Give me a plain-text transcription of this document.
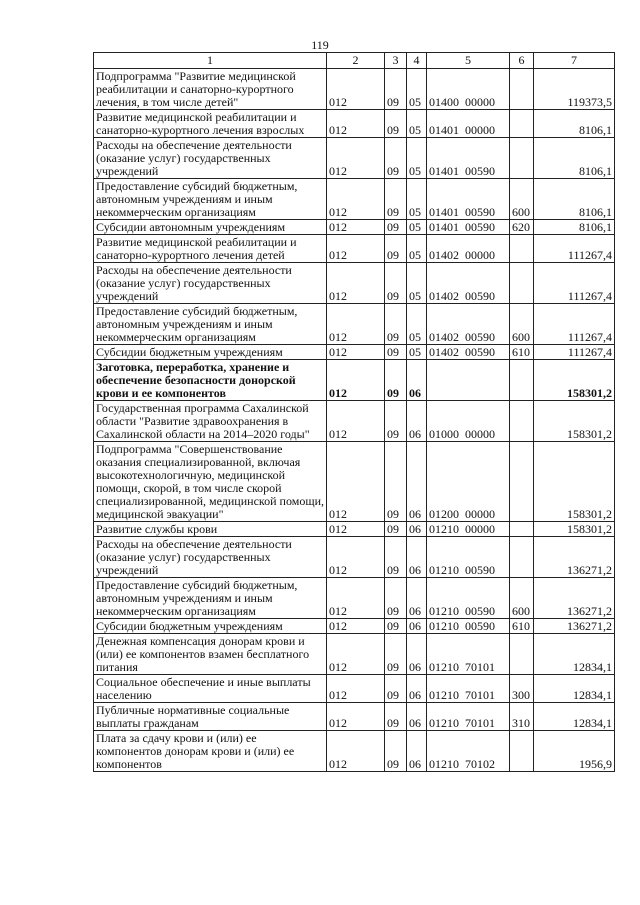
119
1	2	3	4	5	6	7

Подпрограмма "Развитие медицинской реабилитации и санаторно-курортного лечения, в том числе детей"	012	09	05	01400 00000		119373,5

Развитие медицинской реабилитации и санаторно-курортного лечения взрослых	012	09	05	01401 00000		8106,1

Расходы на обеспечение деятельности (оказание услуг) государственных учреждений	012	09	05	01401 00590		8106,1

Предоставление субсидий бюджетным, автономным учреждениям и иным некоммерческим организациям	012	09	05	01401 00590	600	8106,1

Субсидии автономным учреждениям	012	09	05	01401 00590	620	8106,1

Развитие медицинской реабилитации и санаторно-курортного лечения детей	012	09	05	01402 00000		111267,4

Расходы на обеспечение деятельности (оказание услуг) государственных учреждений	012	09	05	01402 00590		111267,4

Предоставление субсидий бюджетным, автономным учреждениям и иным некоммерческим организациям	012	09	05	01402 00590	600	111267,4

Субсидии бюджетным учреждениям	012	09	05	01402 00590	610	111267,4

Заготовка, переработка, хранение и обеспечение безопасности донорской крови и ее компонентов	012	09	06			158301,2

Государственная программа Сахалинской области "Развитие здравоохранения в Сахалинской области на 2014–2020 годы"	012	09	06	01000 00000		158301,2

Подпрограмма "Совершенствование оказания специализированной, включая высокотехнологичную, медицинской помощи, скорой, в том числе скорой специализированной, медицинской помощи, медицинской эвакуации"	012	09	06	01200 00000		158301,2

Развитие службы крови	012	09	06	01210 00000		158301,2

Расходы на обеспечение деятельности (оказание услуг) государственных учреждений	012	09	06	01210 00590		136271,2

Предоставление субсидий бюджетным, автономным учреждениям и иным некоммерческим организациям	012	09	06	01210 00590	600	136271,2

Субсидии бюджетным учреждениям	012	09	06	01210 00590	610	136271,2

Денежная компенсация донорам крови и (или) ее компонентов взамен бесплатного питания	012	09	06	01210 70101		12834,1

Социальное обеспечение и иные выплаты населению	012	09	06	01210 70101	300	12834,1

Публичные нормативные социальные выплаты гражданам	012	09	06	01210 70101	310	12834,1

Плата за сдачу крови и (или) ее компонентов донорам крови и (или) ее компонентов	012	09	06	01210 70102		1956,9
